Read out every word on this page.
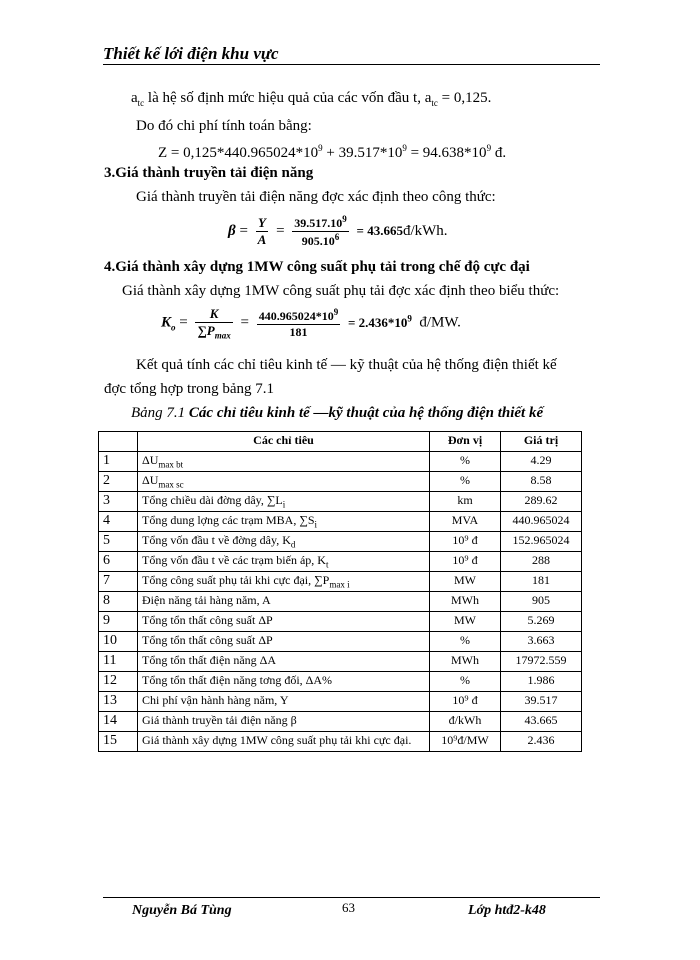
Thiết kế lới điện khu vực
$a_{tc}$ là hệ số định mức hiệu quả của các vốn đầu t, $a_{tc} = 0,125$.
Do đó chi phí tính toán bằng:
$Z = 0,125*440.965024*10^9 + 39.517*10^9 = 94.638*10^9$ đ.
3.Giá thành truyền tải điện năng
Giá thành truyền tải điện năng đợc xác định theo công thức:
$\beta = \frac{Y}{A} = \frac{39.517.10^9}{905.10^6}$ = 43.665đ/kWh.
4.Giá thành xây dựng 1MW công suất phụ tải trong chế độ cực đại
Giá thành xây dựng 1MW công suất phụ tải đợc xác định theo biểu thức:
$K_o = \frac{K}{\sum P_{max}} = \frac{440.965024*10^9}{181} = 2.436*10^9$ đ/MW.
Kết quả tính các chỉ tiêu kinh tế — kỹ thuật của hệ thống điện thiết kế
đợc tổng hợp trong bảng 7.1
Bảng 7.1 Các chỉ tiêu kinh tế —kỹ thuật của hệ thống điện thiết kế
	Các chỉ tiêu	Đơn vị	Giá trị
1	$\Delta U_{max bt}$	%	4.29
2	$\Delta U_{max sc}$	%	8.58
3	Tổng chiều dài đờng dây, $\sum L_i$	km	289.62
4	Tổng dung lợng các trạm MBA, $\sum S_i$	MVA	440.965024
5	Tổng vốn đầu t về đờng dây, $K_d$	10⁹ đ	152.965024
6	Tổng vốn đầu t về các trạm biến áp, $K_t$	10⁹ đ	288
7	Tổng công suất phụ tải khi cực đại, $\sum P_{max i}$	MW	181
8	Điện năng tải hàng năm, A	MWh	905
9	Tổng tổn thất công suất ΔP	MW	5.269
10	Tổng tổn thất công suất ΔP	%	3.663
11	Tổng tổn thất điện năng ΔA	MWh	17972.559
12	Tổng tổn thất điện năng tơng đối, ΔA%	%	1.986
13	Chi phí vận hành hàng năm, Y	10⁹ đ	39.517
14	Giá thành truyền tải điện năng β	đ/kWh	43.665
15	Giá thành xây dựng 1MW công suất phụ tải khi cực đại.	10⁹đ/MW	2.436
Nguyễn Bá Tùng	63	Lớp htđ2-k48
